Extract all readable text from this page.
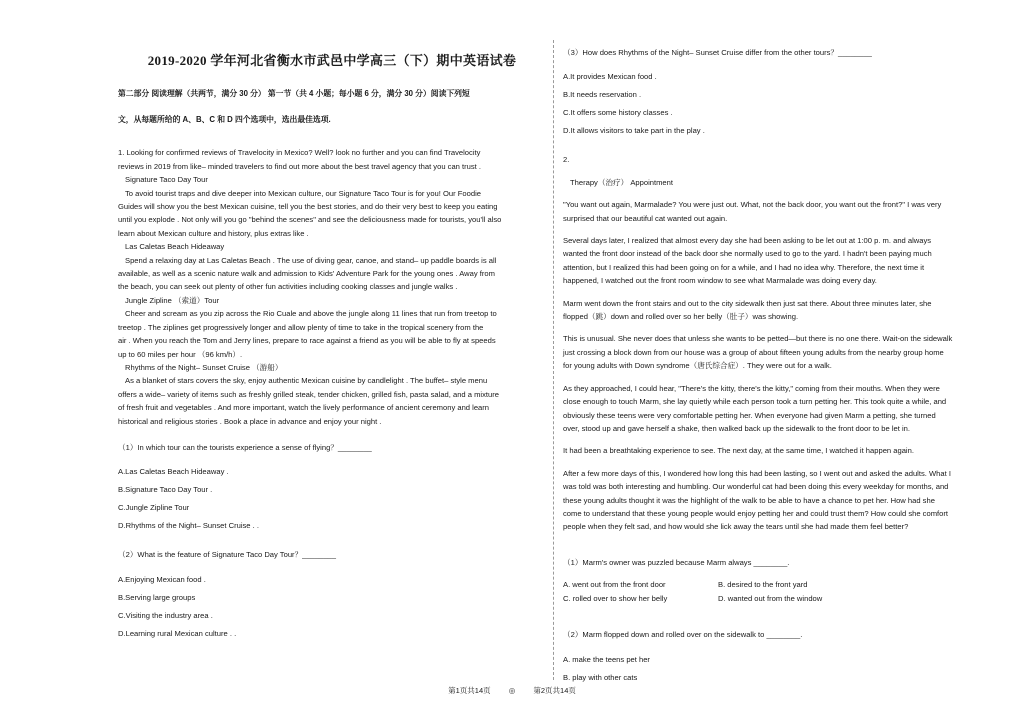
2019-2020 学年河北省衡水市武邑中学高三（下）期中英语试卷

第二部分 阅读理解（共两节，满分 30 分） 第一节（共 4 小题；每小题 6 分，满分 30 分）阅读下列短

文，从每题所给的 A、B、C 和 D 四个选项中，选出最佳选项.

1. Looking for confirmed reviews of Travelocity in Mexico? Well? look no further and you can find Travelocity

reviews in 2019 from like– minded travelers to find out more about the best travel agency that you can trust .

Signature Taco Day Tour

To avoid tourist traps and dive deeper into Mexican culture, our Signature Taco Tour is for you! Our Foodie

Guides will show you the best Mexican cuisine, tell you the best stories, and do their very best to keep you eating

until you explode . Not only will you go "behind the scenes" and see the deliciousness made for tourists, you'll also

learn about Mexican culture and history, plus extras like .

Las Caletas Beach Hideaway

Spend a relaxing day at Las Caletas Beach . The use of diving gear, canoe, and stand– up paddle boards is all

available, as well as a scenic nature walk and admission to Kids' Adventure Park for the young ones . Away from

the beach, you can seek out plenty of other fun activities including cooking classes and jungle walks .

Jungle Zipline （索道）Tour

Cheer and scream as you zip across the Rio Cuale and above the jungle along 11 lines that run from treetop to

treetop . The ziplines get progressively longer and allow plenty of time to take in the tropical scenery from the

air . When you reach the Tom and Jerry lines, prepare to race against a friend as you will be able to fly at speeds

up to 60 miles per hour （96 km/h）.

Rhythms of the Night– Sunset Cruise （游船）

As a blanket of stars covers the sky, enjoy authentic Mexican cuisine by candlelight . The buffet– style menu

offers a wide– variety of items such as freshly grilled steak, tender chicken, grilled fish, pasta salad, and a mixture

of fresh fruit and vegetables . And more important, watch the lively performance of ancient ceremony and learn

historical and religious stories . Book a place in advance and enjoy your night .

（1）In which tour can the tourists experience a sense of flying？________

A.Las Caletas Beach Hideaway .

B.Signature Taco Day Tour .

C.Jungle Zipline Tour

D.Rhythms of the Night– Sunset Cruise . .

（2）What is the feature of Signature Taco Day Tour？________

A.Enjoying Mexican food .

B.Serving large groups

C.Visiting the industry area .

D.Learning rural Mexican culture . .

（3）How does Rhythms of the Night– Sunset Cruise differ from the other tours？________

A.It provides Mexican food .

B.It needs reservation .

C.It offers some history classes .

D.It allows visitors to take part in the play .

2.

Therapy（治疗） Appointment

"You want out again, Marmalade? You were just out. What, not the back door, you want out the front?" I was very

surprised that our beautiful cat wanted out again.

Several days later, I realized that almost every day she had been asking to be let out at 1:00 p. m. and always

wanted the front door instead of the back door she normally used to go to the yard. I hadn't been paying much

attention, but I realized this had been going on for a while, and I had no idea why. Therefore, the next time it

happened, I watched out the front room window to see what Marmalade was doing every day.

Marm went down the front stairs and out to the city sidewalk then just sat there. About three minutes later, she

flopped（跳）down and rolled over so her belly（肚子）was showing.

This is unusual. She never does that unless she wants to be petted—but there is no one there. Wait-on the sidewalk

just crossing a block down from our house was a group of about fifteen young adults from the nearby group home

for young adults with Down syndrome（唐氏综合症）. They were out for a walk.

As they approached, I could hear, "There's the kitty, there's the kitty," coming from their mouths. When they were

close enough to touch Marm, she lay quietly while each person took a turn petting her. This took quite a while, and

obviously these teens were very comfortable petting her. When everyone had given Marm a petting, she turned

over, stood up and gave herself a shake, then walked back up the sidewalk to the front door to be let in.

It had been a breathtaking experience to see. The next day, at the same time, I watched it happen again.

After a few more days of this, I wondered how long this had been lasting, so I went out and asked the adults. What I

was told was both interesting and humbling. Our wonderful cat had been doing this every weekday for months, and

these young adults thought it was the highlight of the walk to be able to have a chance to pet her. How had she

come to understand that these young people would enjoy petting her and could trust them? How could she comfort

people when they felt sad, and how would she lick away the tears until she had made them feel better?

（1）Marm's owner was puzzled because Marm always ________.

A. went out from the front door	B. desired to the front yard
C. rolled over to show her belly	D. wanted out from the window

（2）Marm flopped down and rolled over on the sidewalk to ________.

A. make the teens pet her

B. play with other cats

第1页共14页 ◎ 第2页共14页
